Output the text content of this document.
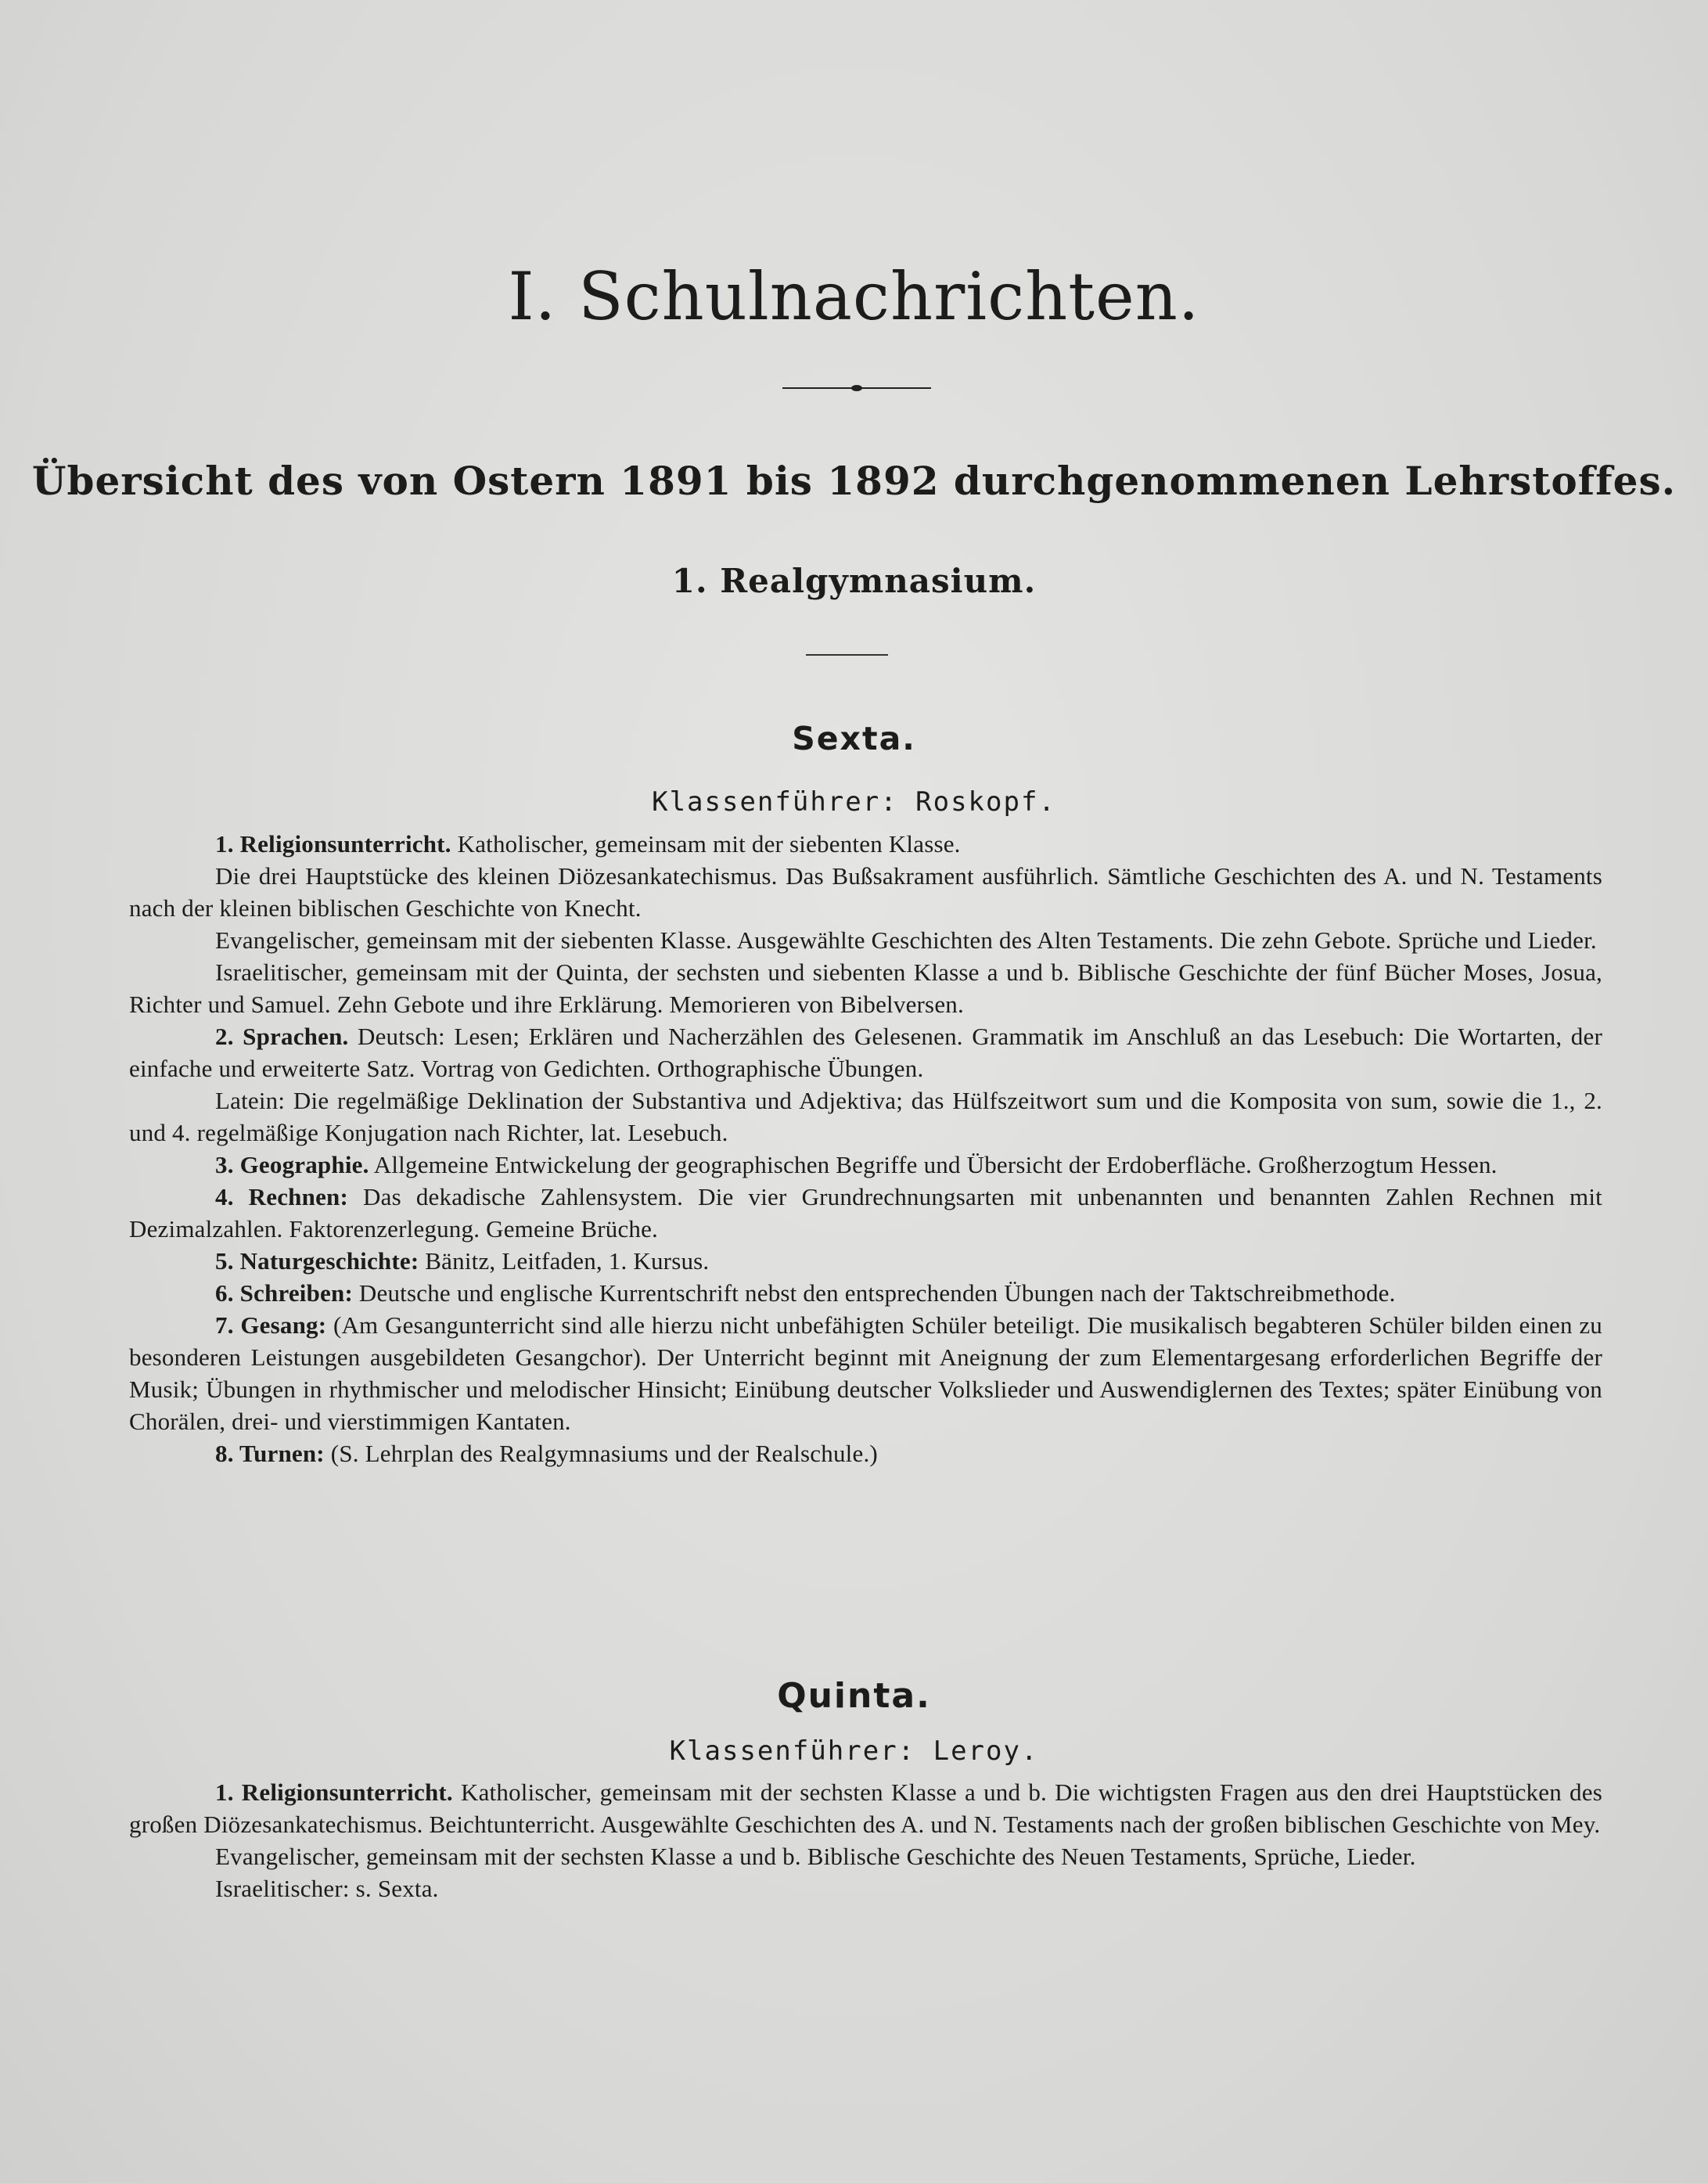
I. Schulnachrichten.
Übersicht des von Ostern 1891 bis 1892 durchgenommenen Lehrstoffes.
1. Realgymnasium.
Sexta.
Klassenführer: Roskopf.

1. Religionsunterricht. Katholischer, gemeinsam mit der siebenten Klasse.

Die drei Hauptstücke des kleinen Diözesankatechismus. Das Bußsakrament ausführlich. Sämtliche Geschichten des A. und N. Testaments nach der kleinen biblischen Geschichte von Knecht.

Evangelischer, gemeinsam mit der siebenten Klasse. Ausgewählte Geschichten des Alten Testaments. Die zehn Gebote. Sprüche und Lieder.

Israelitischer, gemeinsam mit der Quinta, der sechsten und siebenten Klasse a und b. Biblische Geschichte der fünf Bücher Moses, Josua, Richter und Samuel. Zehn Gebote und ihre Erklärung. Memorieren von Bibelversen.

2. Sprachen. Deutsch: Lesen; Erklären und Nacherzählen des Gelesenen. Grammatik im Anschluß an das Lesebuch: Die Wortarten, der einfache und erweiterte Satz. Vortrag von Gedichten. Orthographische Übungen.

Latein: Die regelmäßige Deklination der Substantiva und Adjektiva; das Hülfszeitwort sum und die Komposita von sum, sowie die 1., 2. und 4. regelmäßige Konjugation nach Richter, lat. Lesebuch.

3. Geographie. Allgemeine Entwickelung der geographischen Begriffe und Übersicht der Erdoberfläche. Großherzogtum Hessen.

4. Rechnen: Das dekadische Zahlensystem. Die vier Grundrechnungsarten mit unbenannten und benannten Zahlen Rechnen mit Dezimalzahlen. Faktorenzerlegung. Gemeine Brüche.

5. Naturgeschichte: Bänitz, Leitfaden, 1. Kursus.

6. Schreiben: Deutsche und englische Kurrentschrift nebst den entsprechenden Übungen nach der Taktschreibmethode.

7. Gesang: (Am Gesangunterricht sind alle hierzu nicht unbefähigten Schüler beteiligt. Die musikalisch begabteren Schüler bilden einen zu besonderen Leistungen ausgebildeten Gesangchor). Der Unterricht beginnt mit Aneignung der zum Elementargesang erforderlichen Begriffe der Musik; Übungen in rhythmischer und melodischer Hinsicht; Einübung deutscher Volkslieder und Auswendiglernen des Textes; später Einübung von Chorälen, drei- und vierstimmigen Kantaten.

8. Turnen: (S. Lehrplan des Realgymnasiums und der Realschule.)

Quinta.
Klassenführer: Leroy.

1. Religionsunterricht. Katholischer, gemeinsam mit der sechsten Klasse a und b. Die wichtigsten Fragen aus den drei Hauptstücken des großen Diözesankatechismus. Beichtunterricht. Ausgewählte Geschichten des A. und N. Testaments nach der großen biblischen Geschichte von Mey.

Evangelischer, gemeinsam mit der sechsten Klasse a und b. Biblische Geschichte des Neuen Testaments, Sprüche, Lieder.

Israelitischer: s. Sexta.
